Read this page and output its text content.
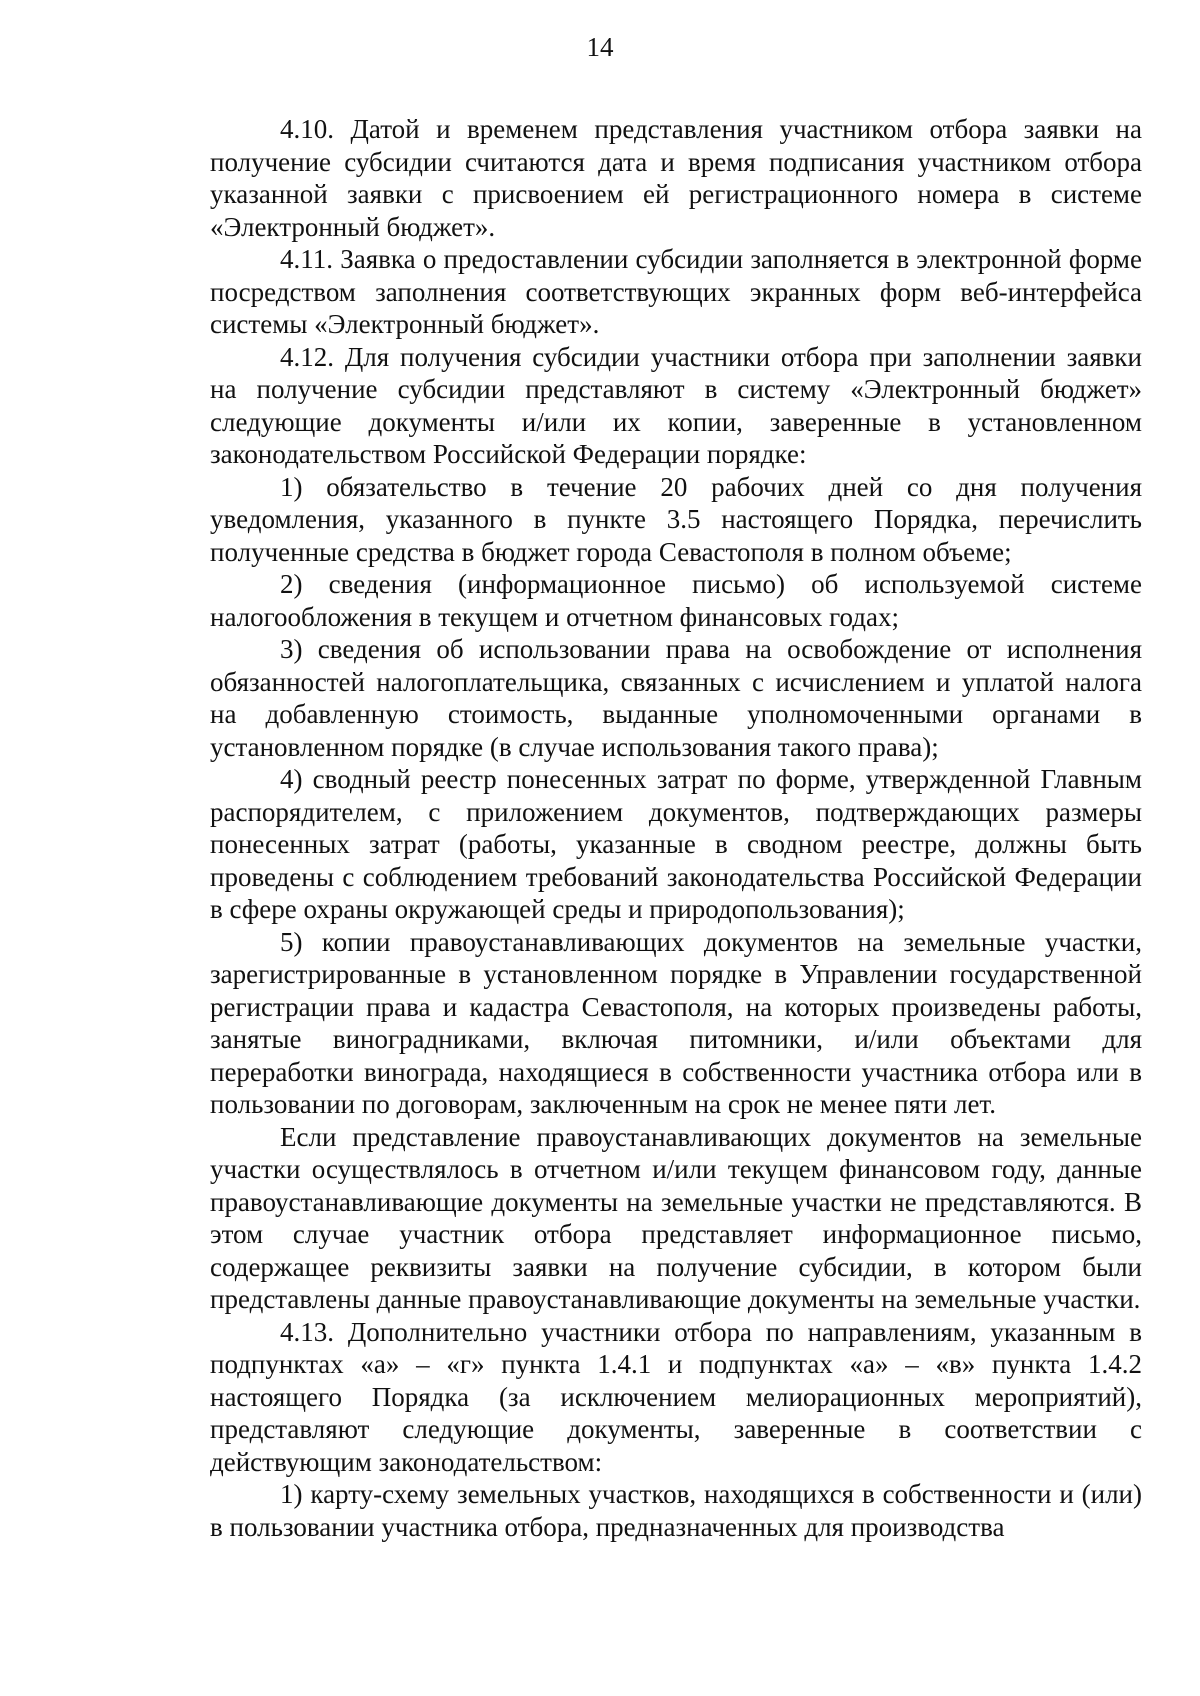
14

4.10. Датой и временем представления участником отбора заявки на получение субсидии считаются дата и время подписания участником отбора указанной заявки с присвоением ей регистрационного номера в системе «Электронный бюджет».

4.11. Заявка о предоставлении субсидии заполняется в электронной форме посредством заполнения соответствующих экранных форм веб-интерфейса системы «Электронный бюджет».

4.12. Для получения субсидии участники отбора при заполнении заявки на получение субсидии представляют в систему «Электронный бюджет» следующие документы и/или их копии, заверенные в установленном законодательством Российской Федерации порядке:

1) обязательство в течение 20 рабочих дней со дня получения уведомления, указанного в пункте 3.5 настоящего Порядка, перечислить полученные средства в бюджет города Севастополя в полном объеме;

2) сведения (информационное письмо) об используемой системе налогообложения в текущем и отчетном финансовых годах;

3) сведения об использовании права на освобождение от исполнения обязанностей налогоплательщика, связанных с исчислением и уплатой налога на добавленную стоимость, выданные уполномоченными органами в установленном порядке (в случае использования такого права);

4) сводный реестр понесенных затрат по форме, утвержденной Главным распорядителем, с приложением документов, подтверждающих размеры понесенных затрат (работы, указанные в сводном реестре, должны быть проведены с соблюдением требований законодательства Российской Федерации в сфере охраны окружающей среды и природопользования);

5) копии правоустанавливающих документов на земельные участки, зарегистрированные в установленном порядке в Управлении государственной регистрации права и кадастра Севастополя, на которых произведены работы, занятые виноградниками, включая питомники, и/или объектами для переработки винограда, находящиеся в собственности участника отбора или в пользовании по договорам, заключенным на срок не менее пяти лет.

Если представление правоустанавливающих документов на земельные участки осуществлялось в отчетном и/или текущем финансовом году, данные правоустанавливающие документы на земельные участки не представляются. В этом случае участник отбора представляет информационное письмо, содержащее реквизиты заявки на получение субсидии, в котором были представлены данные правоустанавливающие документы на земельные участки.

4.13. Дополнительно участники отбора по направлениям, указанным в подпунктах «а» – «г» пункта 1.4.1 и подпунктах «а» – «в» пункта 1.4.2 настоящего Порядка (за исключением мелиорационных мероприятий), представляют следующие документы, заверенные в соответствии с действующим законодательством:

1) карту-схему земельных участков, находящихся в собственности и (или) в пользовании участника отбора, предназначенных для производства
